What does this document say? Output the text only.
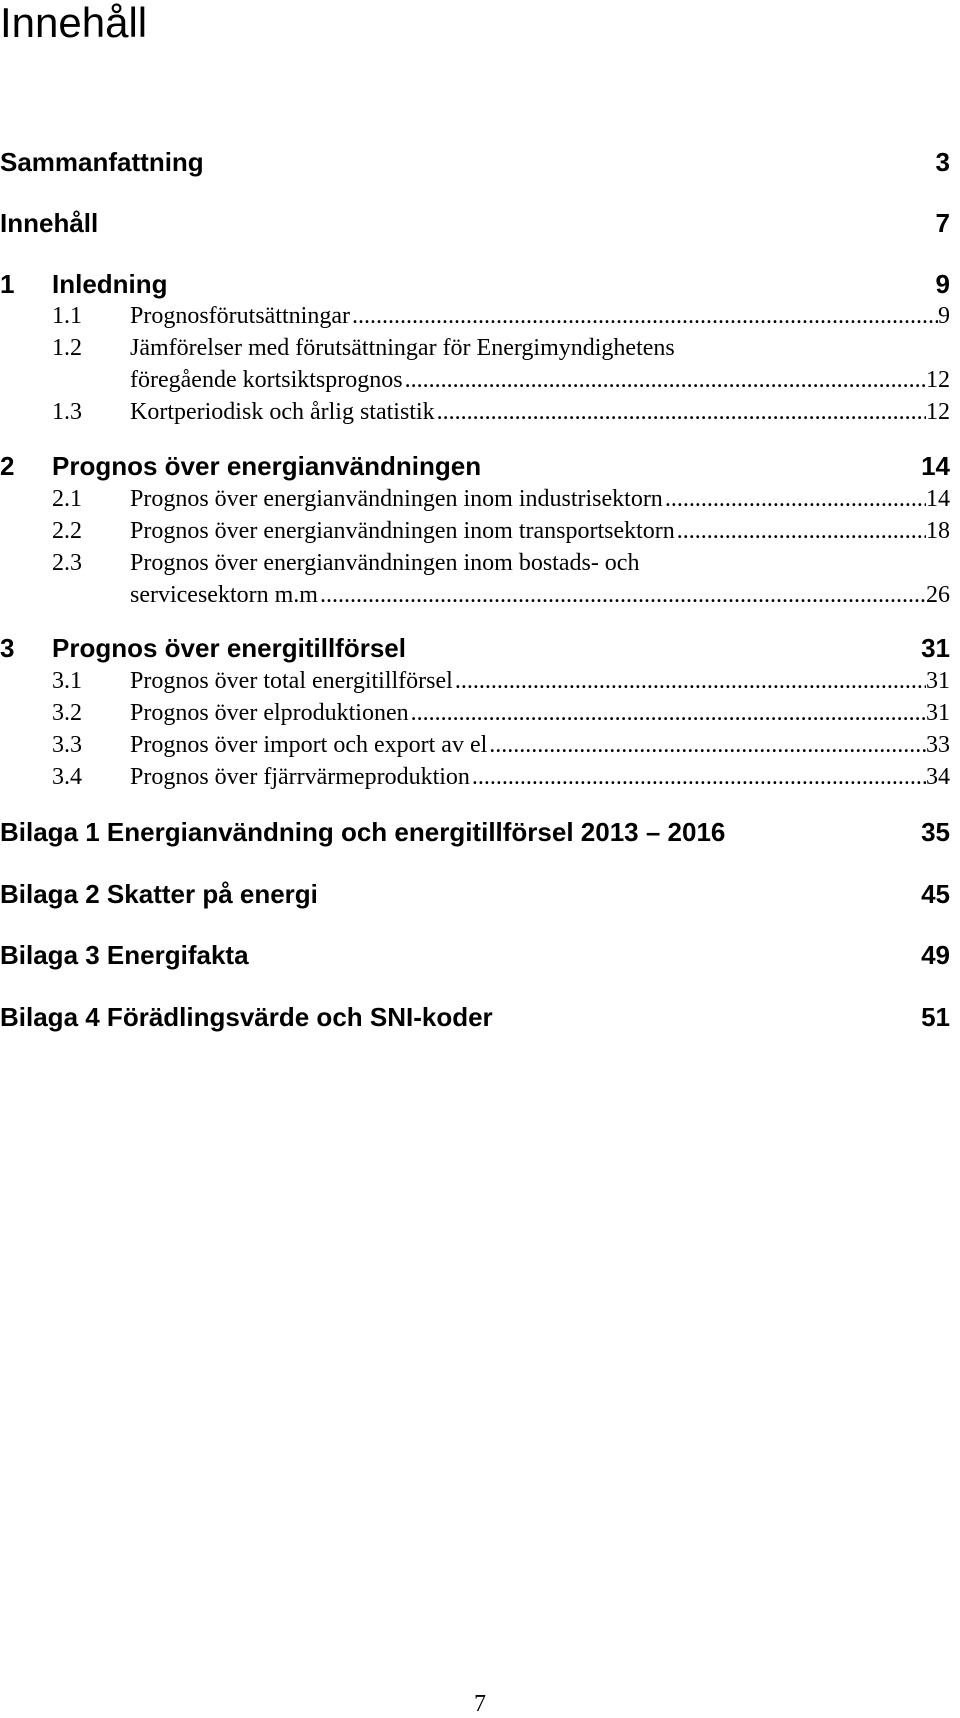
Innehåll
Sammanfattning	3
Innehåll	7
1	Inledning	9
1.1	Prognosförutsättningar .....	9
1.2	Jämförelser med förutsättningar för Energimyndighetens
föregående kortsiktsprognos .....	12
1.3	Kortperiodisk och årlig statistik .....	12
2	Prognos över energianvändningen	14
2.1	Prognos över energianvändningen inom industrisektorn .....	14
2.2	Prognos över energianvändningen inom transportsektorn .....	18
2.3	Prognos över energianvändningen inom bostads- och
servicesektorn m.m .....	26
3	Prognos över energitillförsel	31
3.1	Prognos över total energitillförsel .....	31
3.2	Prognos över elproduktionen .....	31
3.3	Prognos över import och export av el .....	33
3.4	Prognos över fjärrvärmeproduktion .....	34
Bilaga 1 Energianvändning och energitillförsel 2013 – 2016	35
Bilaga 2 Skatter på energi	45
Bilaga 3 Energifakta	49
Bilaga 4 Förädlingsvärde och SNI-koder	51
7
